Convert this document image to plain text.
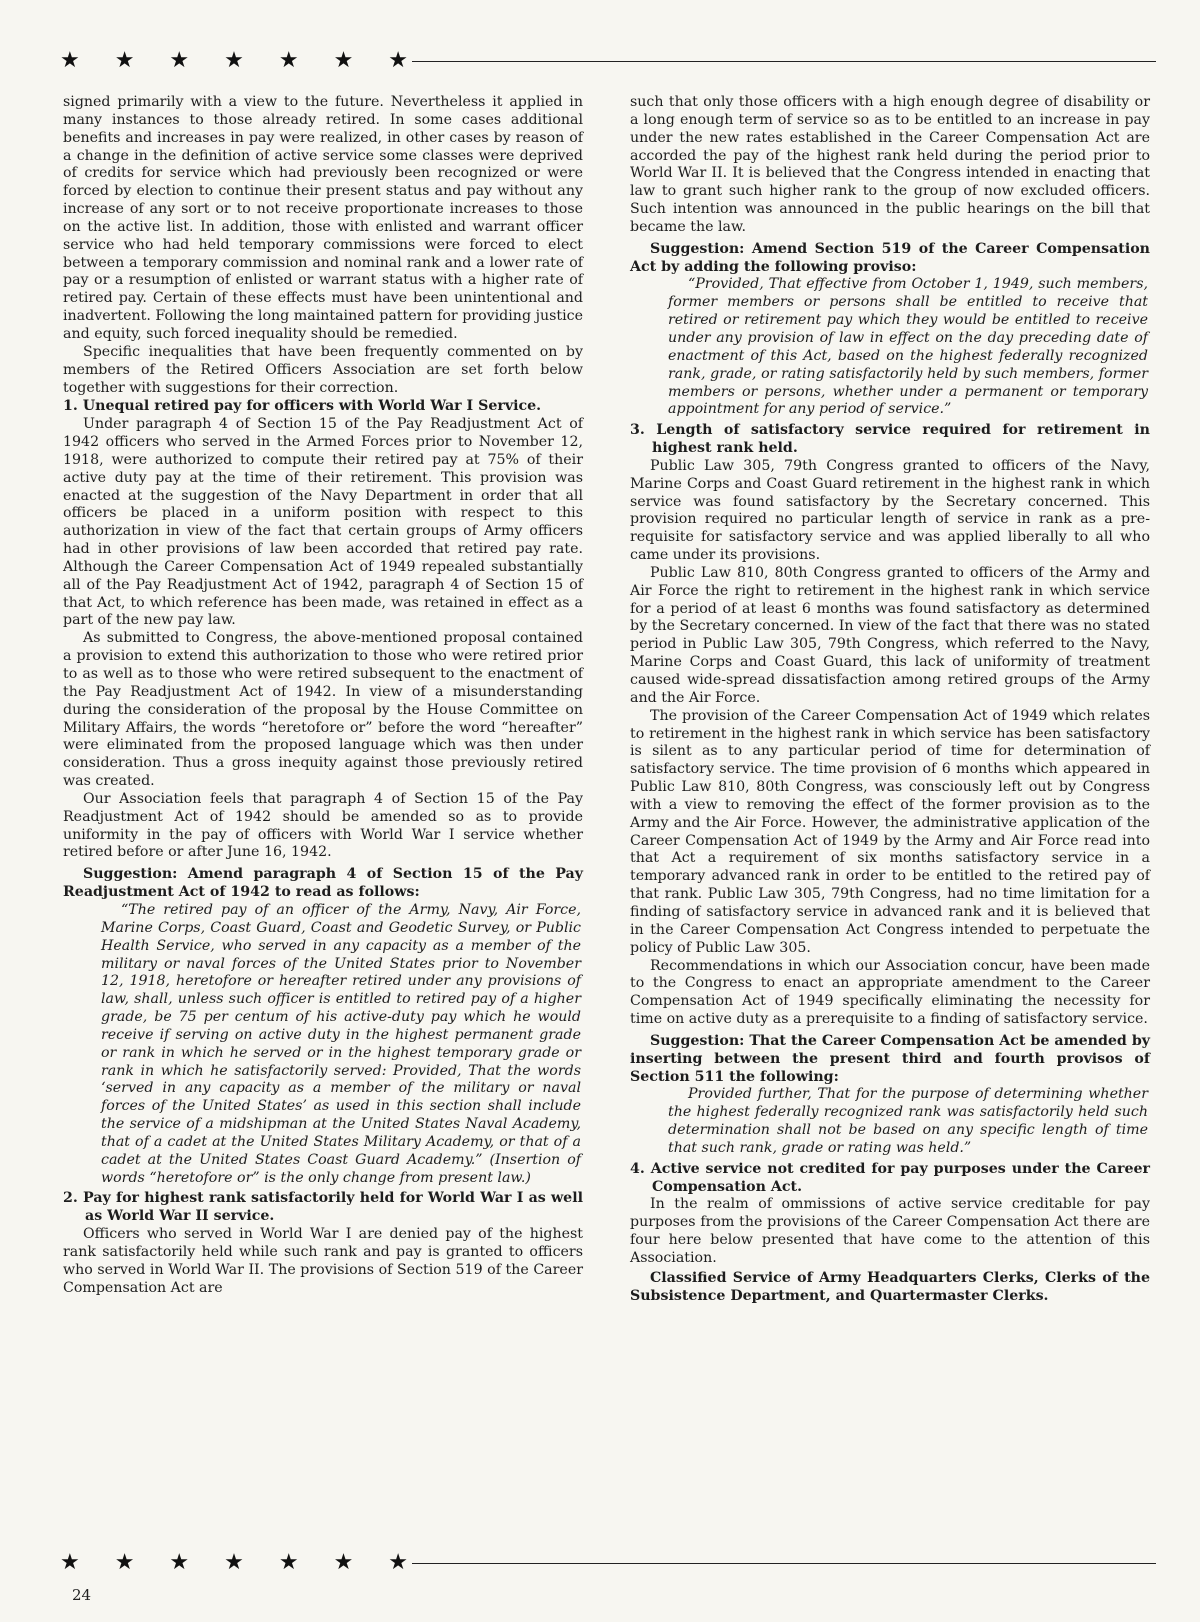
★ ★ ★ ★ ★ ★ ★

signed primarily with a view to the future. Nevertheless it applied in many instances to those already retired. In some cases additional benefits and increases in pay were realized, in other cases by reason of a change in the definition of active service some classes were deprived of credits for service which had previously been recognized or were forced by election to continue their present status and pay without any increase of any sort or to not receive proportionate increases to those on the active list. In addition, those with enlisted and warrant officer service who had held temporary commissions were forced to elect between a temporary commission and nominal rank and a lower rate of pay or a resumption of enlisted or warrant status with a higher rate of retired pay. Certain of these effects must have been unintentional and inadvertent. Following the long maintained pattern for providing justice and equity, such forced inequality should be remedied.

Specific inequalities that have been frequently commented on by members of the Retired Officers Association are set forth below together with suggestions for their correction.

1. Unequal retired pay for officers with World War I Service.

Under paragraph 4 of Section 15 of the Pay Readjustment Act of 1942 officers who served in the Armed Forces prior to November 12, 1918, were authorized to compute their retired pay at 75% of their active duty pay at the time of their retirement. This provision was enacted at the suggestion of the Navy Department in order that all officers be placed in a uniform position with respect to this authorization in view of the fact that certain groups of Army officers had in other provisions of law been accorded that retired pay rate. Although the Career Compensation Act of 1949 repealed substantially all of the Pay Readjustment Act of 1942, paragraph 4 of Section 15 of that Act, to which reference has been made, was retained in effect as a part of the new pay law.

As submitted to Congress, the above-mentioned proposal contained a provision to extend this authorization to those who were retired prior to as well as to those who were retired subsequent to the enactment of the Pay Readjustment Act of 1942. In view of a misunderstanding during the consideration of the proposal by the House Committee on Military Affairs, the words “heretofore or” before the word “hereafter” were eliminated from the proposed language which was then under consideration. Thus a gross inequity against those previously retired was created.

Our Association feels that paragraph 4 of Section 15 of the Pay Readjustment Act of 1942 should be amended so as to provide uniformity in the pay of officers with World War I service whether retired before or after June 16, 1942.

Suggestion: Amend paragraph 4 of Section 15 of the Pay Readjustment Act of 1942 to read as follows:

“The retired pay of an officer of the Army, Navy, Air Force, Marine Corps, Coast Guard, Coast and Geodetic Survey, or Public Health Service, who served in any capacity as a member of the military or naval forces of the United States prior to November 12, 1918, heretofore or hereafter retired under any provisions of law, shall, unless such officer is entitled to retired pay of a higher grade, be 75 per centum of his active-duty pay which he would receive if serving on active duty in the highest permanent grade or rank in which he served or in the highest temporary grade or rank in which he satisfactorily served: Provided, That the words ‘served in any capacity as a member of the military or naval forces of the United States’ as used in this section shall include the service of a midshipman at the United States Naval Academy, that of a cadet at the United States Military Academy, or that of a cadet at the United States Coast Guard Academy.” (Insertion of words “heretofore or” is the only change from present law.)

2. Pay for highest rank satisfactorily held for World War I as well as World War II service.

Officers who served in World War I are denied pay of the highest rank satisfactorily held while such rank and pay is granted to officers who served in World War II. The provisions of Section 519 of the Career Compensation Act are

such that only those officers with a high enough degree of disability or a long enough term of service so as to be entitled to an increase in pay under the new rates established in the Career Compensation Act are accorded the pay of the highest rank held during the period prior to World War II. It is believed that the Congress intended in enacting that law to grant such higher rank to the group of now excluded officers. Such intention was announced in the public hearings on the bill that became the law.

Suggestion: Amend Section 519 of the Career Compensation Act by adding the following proviso:

“Provided, That effective from October 1, 1949, such members, former members or persons shall be entitled to receive that retired or retirement pay which they would be entitled to receive under any provision of law in effect on the day preceding date of enactment of this Act, based on the highest federally recognized rank, grade, or rating satisfactorily held by such members, former members or persons, whether under a permanent or temporary appointment for any period of service.”

3. Length of satisfactory service required for retirement in highest rank held.

Public Law 305, 79th Congress granted to officers of the Navy, Marine Corps and Coast Guard retirement in the highest rank in which service was found satisfactory by the Secretary concerned. This provision required no particular length of service in rank as a pre-requisite for satisfactory service and was applied liberally to all who came under its provisions.

Public Law 810, 80th Congress granted to officers of the Army and Air Force the right to retirement in the highest rank in which service for a period of at least 6 months was found satisfactory as determined by the Secretary concerned. In view of the fact that there was no stated period in Public Law 305, 79th Congress, which referred to the Navy, Marine Corps and Coast Guard, this lack of uniformity of treatment caused wide-spread dissatisfaction among retired groups of the Army and the Air Force.

The provision of the Career Compensation Act of 1949 which relates to retirement in the highest rank in which service has been satisfactory is silent as to any particular period of time for determination of satisfactory service. The time provision of 6 months which appeared in Public Law 810, 80th Congress, was consciously left out by Congress with a view to removing the effect of the former provision as to the Army and the Air Force. However, the administrative application of the Career Compensation Act of 1949 by the Army and Air Force read into that Act a requirement of six months satisfactory service in a temporary advanced rank in order to be entitled to the retired pay of that rank. Public Law 305, 79th Congress, had no time limitation for a finding of satisfactory service in advanced rank and it is believed that in the Career Compensation Act Congress intended to perpetuate the policy of Public Law 305.

Recommendations in which our Association concur, have been made to the Congress to enact an appropriate amendment to the Career Compensation Act of 1949 specifically eliminating the necessity for time on active duty as a prerequisite to a finding of satisfactory service.

Suggestion: That the Career Compensation Act be amended by inserting between the present third and fourth provisos of Section 511 the following:

Provided further, That for the purpose of determining whether the highest federally recognized rank was satisfactorily held such determination shall not be based on any specific length of time that such rank, grade or rating was held.”

4. Active service not credited for pay purposes under the Career Compensation Act.

In the realm of ommissions of active service creditable for pay purposes from the provisions of the Career Compensation Act there are four here below presented that have come to the attention of this Association.

Classified Service of Army Headquarters Clerks, Clerks of the Subsistence Department, and Quartermaster Clerks.

★ ★ ★ ★ ★ ★ ★
24
